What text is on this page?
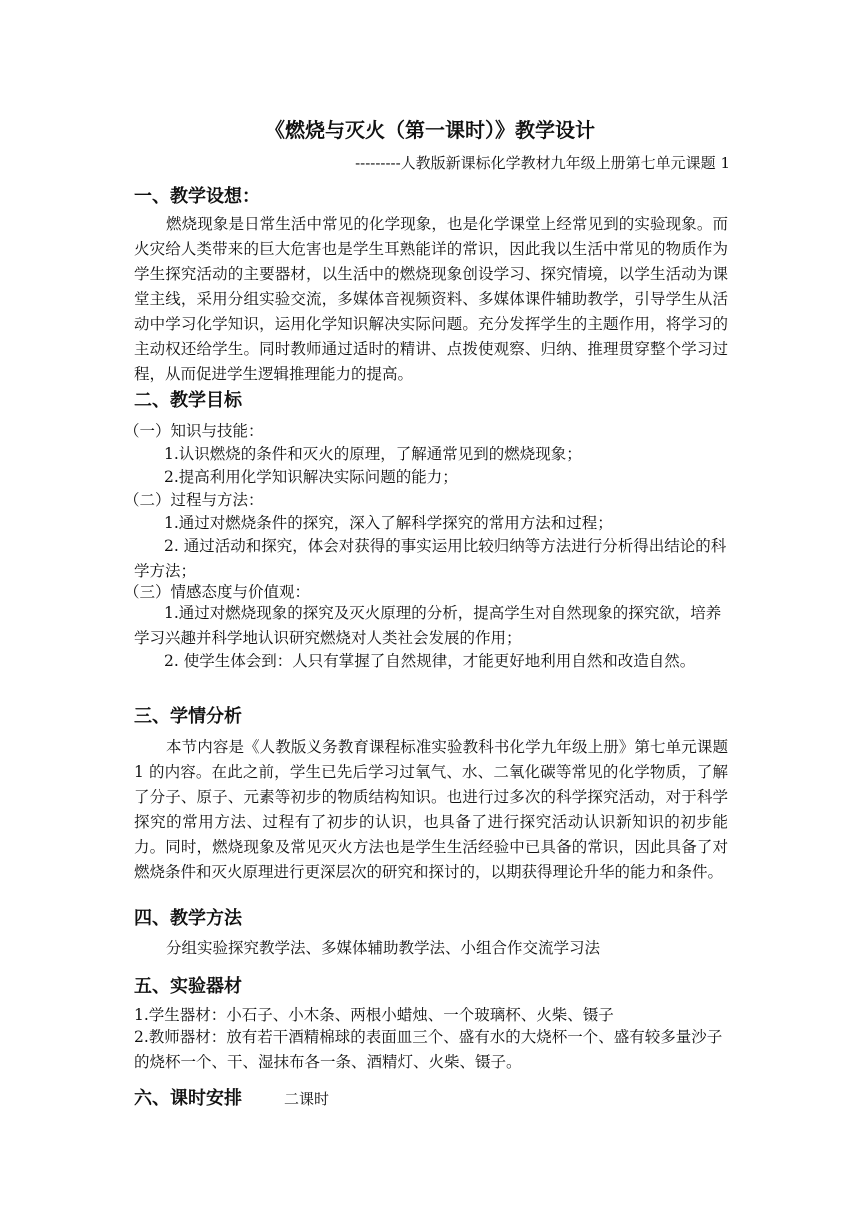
《燃烧与灭火（第一课时）》教学设计
---------人教版新课标化学教材九年级上册第七单元课题 1
一、教学设想：
燃烧现象是日常生活中常见的化学现象，也是化学课堂上经常见到的实验现象。而火灾给人类带来的巨大危害也是学生耳熟能详的常识，因此我以生活中常见的物质作为学生探究活动的主要器材，以生活中的燃烧现象创设学习、探究情境，以学生活动为课堂主线，采用分组实验交流，多媒体音视频资料、多媒体课件辅助教学，引导学生从活动中学习化学知识，运用化学知识解决实际问题。充分发挥学生的主题作用，将学习的主动权还给学生。同时教师通过适时的精讲、点拨使观察、归纳、推理贯穿整个学习过程，从而促进学生逻辑推理能力的提高。
二、教学目标
（一）知识与技能：
1.认识燃烧的条件和灭火的原理，了解通常见到的燃烧现象；
2.提高利用化学知识解决实际问题的能力；
（二）过程与方法：
1.通过对燃烧条件的探究，深入了解科学探究的常用方法和过程；
2. 通过活动和探究，体会对获得的事实运用比较归纳等方法进行分析得出结论的科学方法；
（三）情感态度与价值观：
1.通过对燃烧现象的探究及灭火原理的分析，提高学生对自然现象的探究欲，培养学习兴趣并科学地认识研究燃烧对人类社会发展的作用；
2. 使学生体会到：人只有掌握了自然规律，才能更好地利用自然和改造自然。
三、学情分析
本节内容是《人教版义务教育课程标准实验教科书化学九年级上册》第七单元课题 1 的内容。在此之前，学生已先后学习过氧气、水、二氧化碳等常见的化学物质，了解了分子、原子、元素等初步的物质结构知识。也进行过多次的科学探究活动，对于科学探究的常用方法、过程有了初步的认识，也具备了进行探究活动认识新知识的初步能力。同时，燃烧现象及常见灭火方法也是学生生活经验中已具备的常识，因此具备了对燃烧条件和灭火原理进行更深层次的研究和探讨的，以期获得理论升华的能力和条件。
四、教学方法
分组实验探究教学法、多媒体辅助教学法、小组合作交流学习法
五、实验器材
1.学生器材：小石子、小木条、两根小蜡烛、一个玻璃杯、火柴、镊子
2.教师器材：放有若干酒精棉球的表面皿三个、盛有水的大烧杯一个、盛有较多量沙子的烧杯一个、干、湿抹布各一条、酒精灯、火柴、镊子。
六、课时安排	二课时
